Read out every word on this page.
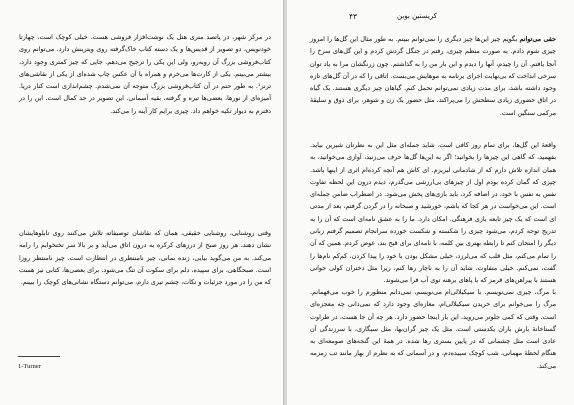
در مرکز شهر، در پاتصد متری هتل یک نوشت‌افزار فروشی هست. خیلی کوچک است، چهارتا خودنویس، دو تصویر از قدیس‌ها و یک دسته کتاب خاک‌گرفته روی ویترینش دارد. می‌توانم روی کتاب‌فروشی بزرگ آن روبه‌رو، ولی این یکی را ترجیح می‌دهم. جایی که چیز کمتری وجود دارد، بیشتر می‌بینم. یکی از کارت‌ها می‌خرم و همراه با آن عکس چاپ شده‌ای از یکی از نقاشی‌های ترنر¹. به طور حتم در آن کتاب‌فروشی بزرگ متوجه آن نمی‌شدم. چشم‌اندازی است کنار دریا. آمیزه‌ای از نورها، بعضی‌ها تیره و گرفته، بقیه آسمانی. این تصویر در حد کمال است. این را در دفترم به دیوار تکیه خواهم داد. چیزی برایم کار آینه را می‌کند.

وقتی روشنایی، روشنایی حقیقی، همان که نقاشان توصیفاته تلاش می‌کنند روی تابلوهایشان نشان دهند، هر روز صبح از درزهای کرکره به درون اتاق می‌آید و بر بالا سر تختخوابم را رامه می‌کند. به من می‌گوید بیایی، زنده بمانی، چیز نامنتظری در انتظارت است. چیز نامنتظر روزا است. صبحگاهی، برای سپیده، دلم برای سکوت آن تنگ می‌شود. برای بعضی‌ها، کتابی نیز هست که من را در مورد جزئیات و نکات، چشم تیزی دارم، می‌توانم دستگاه نشانی‌های کوچک را ببینم.

1-Turner
کریستین بوبن
۴۳

حقی می‌توانم بگویم چیز این‌ها چیز دیگری را نمی‌توانم ببینم. به طور مثال این گل‌ها را امروز چیزی شوم دادم. به صورت منظم چیزی، رفتم در جنگل گردش کردم و این گل‌های سرخ را آنجا یافتم. آن را چیدم، آنها را دیدم و این بار من را به گذاشتم. چون زرنگشان مرا به یاد توان سرخی انداخت که بی‌نهایت اجرای برنامه به موهایش می‌بست. اتاقی را که در آن گل‌های تازه وجود داشته باشد، برای مدت زیادی نمی‌توانم تحمل کنم. گیاهان چیز دیگری هستند. یک گیاه در اتاق حضوری زیادی سطحش را می‌پراکند، مثل حضور یک زن و شوهر، برای ذوق و سلیقهٔ مرکمی سنگین است.

واقعهٔ این گل‌ها، برای تمام روز کافی است. شاید جمله‌ای مثل این به نظرتان شیرین بیاید. بفهمید، که گاهی این چیزها را بخوانید؛ اگر به این‌ها گل‌ها حرف می‌زنید، آوازی می‌خوانید، به همان اندازه تلاش دارم که از شادمانی لبریزم. ای کاش هم آنچه کرده‌ام اثری از اینها باشد. چیزی که گمان کرده بودم اول از چیزهای بی‌ارزشی می‌گذرم، دیدم درون این لحظه تفاوت نفس به نفس با خود، در اضافه کرد، باید بازی‌های پخش می‌شود. در اضطراب ضامن جمله‌ای است. این می‌خواست در هر کجا که باشم، خورشید و صبحانه را در گردن گرفتم، بعد از مدتی ای است که یک چیز تابعه بازی فرهنگی. امکان دارد. ما را به عشق نامه‌ای است که آن را به تدریج توجه کردم، می‌شود چیزی را شکسته و شکست خورده سرانجام تصمیم گرفتم زبانی دیگر را امتحان کنم تا رابطه بهتری بین کلمه، با نامه‌ای برای قبح بند، عوض کردم. همین که آن را تمام می‌کنم، مثل قلب که می‌لرزد، خیلی مشکل بودن با خود را پیدا کردن، کم‌کم نام‌ها را گفت، نمی‌کنم. خیلی متفاوت، شاید آن را به ناچار رها کنم، زیرا مثل دختران کولی جوانی هستند با پیراهن‌های قرمز که با پاهای برهنه توی آب فرا می‌شوند.

با مرگ، چیزی نمی‌نویسم. با سیکیلالی‌ام می‌نویسم، نمی‌دانم منظورم را خوب می‌فهمانم. مرگ را می‌خوانم برای خریدن سیکیلالی‌ام، مغازه‌ای وجود دارد که نمی‌دانی چه معجزه‌ای است. وقتی که کمی جلوتر می‌روید، این بار اینجا حضور دارد. هر چه آن جا هست، در طراوت گستاخانهٔ بارش باران یکدستی است. مثل یک چیز گران‌بها، مثل سیگاری، با سرزندگی آن عادی است مثل چشمانی که در پایین بستری رها شده. در همهٔ این گنجه‌های صومعه‌ای به هنگام لحظهٔ مهمانی، شب کوچک سپیده‌دم، و در آسمانی که به نظرم از بهار مانند تب زمزمه می‌کند.
